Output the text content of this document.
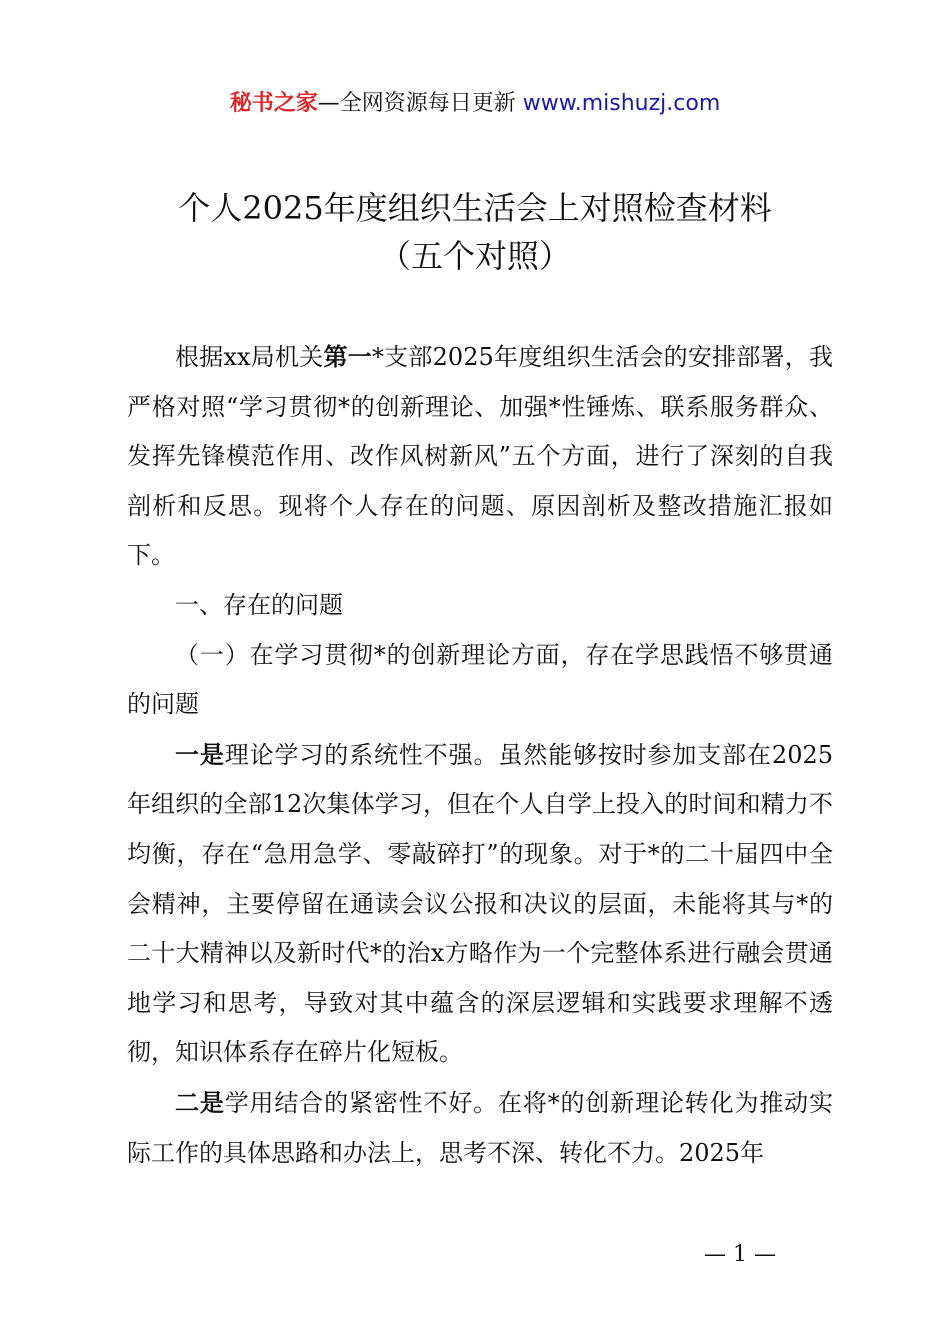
秘书之家—全网资源每日更新 www.mishuzj.com
个人2025年度组织生活会上对照检查材料
（五个对照）

根据xx局机关第一*支部2025年度组织生活会的安排部署，我严格对照“学习贯彻*的创新理论、加强*性锤炼、联系服务群众、发挥先锋模范作用、改作风树新风”五个方面，进行了深刻的自我剖析和反思。现将个人存在的问题、原因剖析及整改措施汇报如下。

一、存在的问题

（一）在学习贯彻*的创新理论方面，存在学思践悟不够贯通的问题

一是理论学习的系统性不强。虽然能够按时参加支部在2025年组织的全部12次集体学习，但在个人自学上投入的时间和精力不均衡，存在“急用急学、零敲碎打”的现象。对于*的二十届四中全会精神，主要停留在通读会议公报和决议的层面，未能将其与*的二十大精神以及新时代*的治x方略作为一个完整体系进行融会贯通地学习和思考，导致对其中蕴含的深层逻辑和实践要求理解不透彻，知识体系存在碎片化短板。

二是学用结合的紧密性不好。在将*的创新理论转化为推动实际工作的具体思路和办法上，思考不深、转化不力。2025年

— 1 —
